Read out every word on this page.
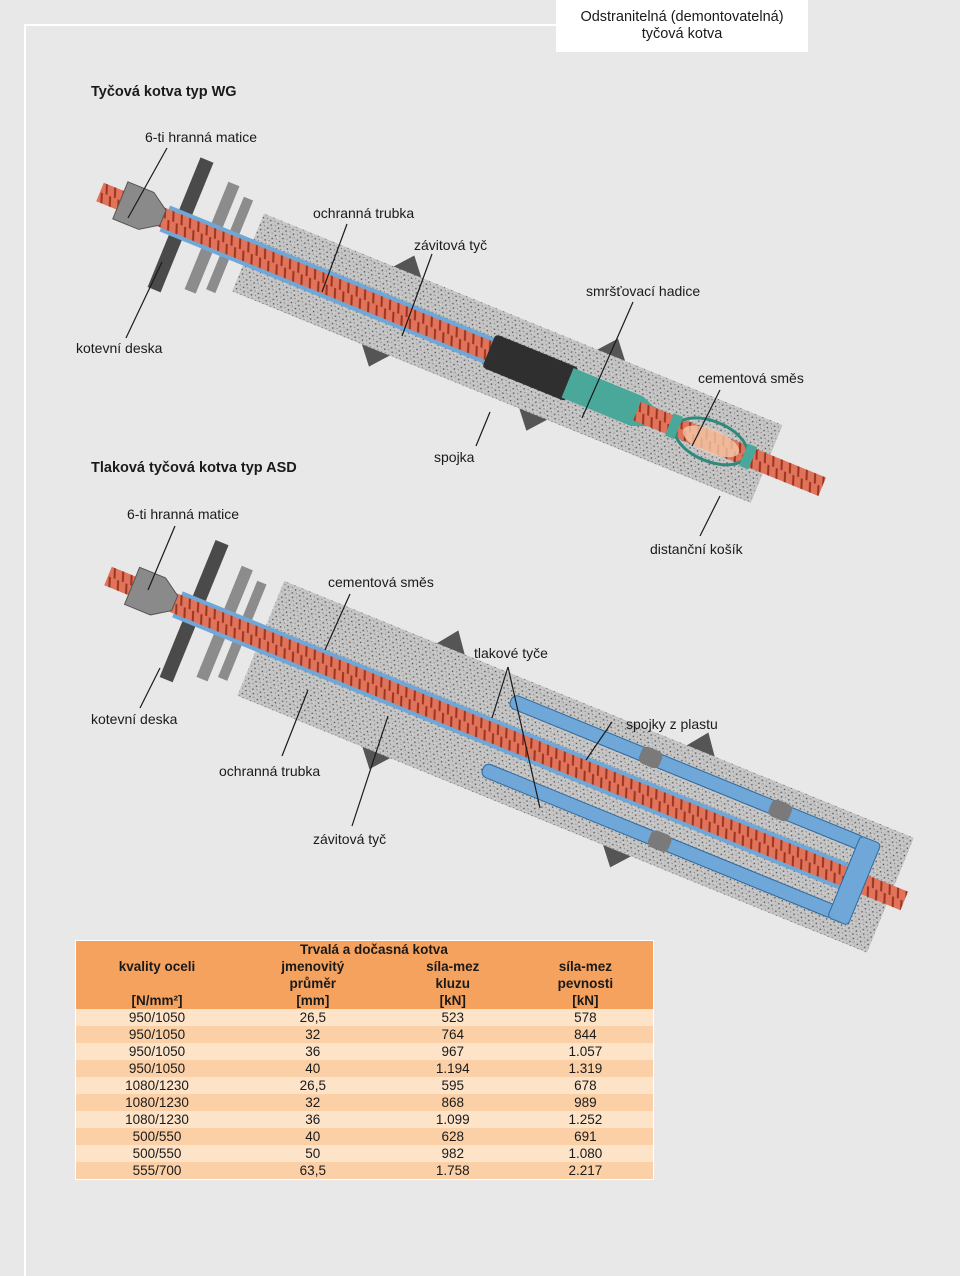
Odstranitelná (demontovatelná)
tyčová kotva
Tyčová kotva typ WG
6-ti hranná matice
ochranná trubka
závitová tyč
smršťovací hadice
kotevní deska
cementová směs
spojka
distanční košík
Tlaková tyčová kotva typ ASD
6-ti hranná matice
cementová směs
tlakové tyče
kotevní deska	spojky z plastu
ochranná trubka
závitová tyč
	Trvalá a dočasná kotva		
kvality oceli	jmenovitý	síla-mez	síla-mez
	průměr	kluzu	pevnosti
[N/mm²]	[mm]	[kN]	[kN]
950/1050	26,5	523	578
950/1050	32	764	844
950/1050	36	967	1.057
950/1050	40	1.194	1.319
1080/1230	26,5	595	678
1080/1230	32	868	989
1080/1230	36	1.099	1.252
500/550	40	628	691
500/550	50	982	1.080
555/700	63,5	1.758	2.217
